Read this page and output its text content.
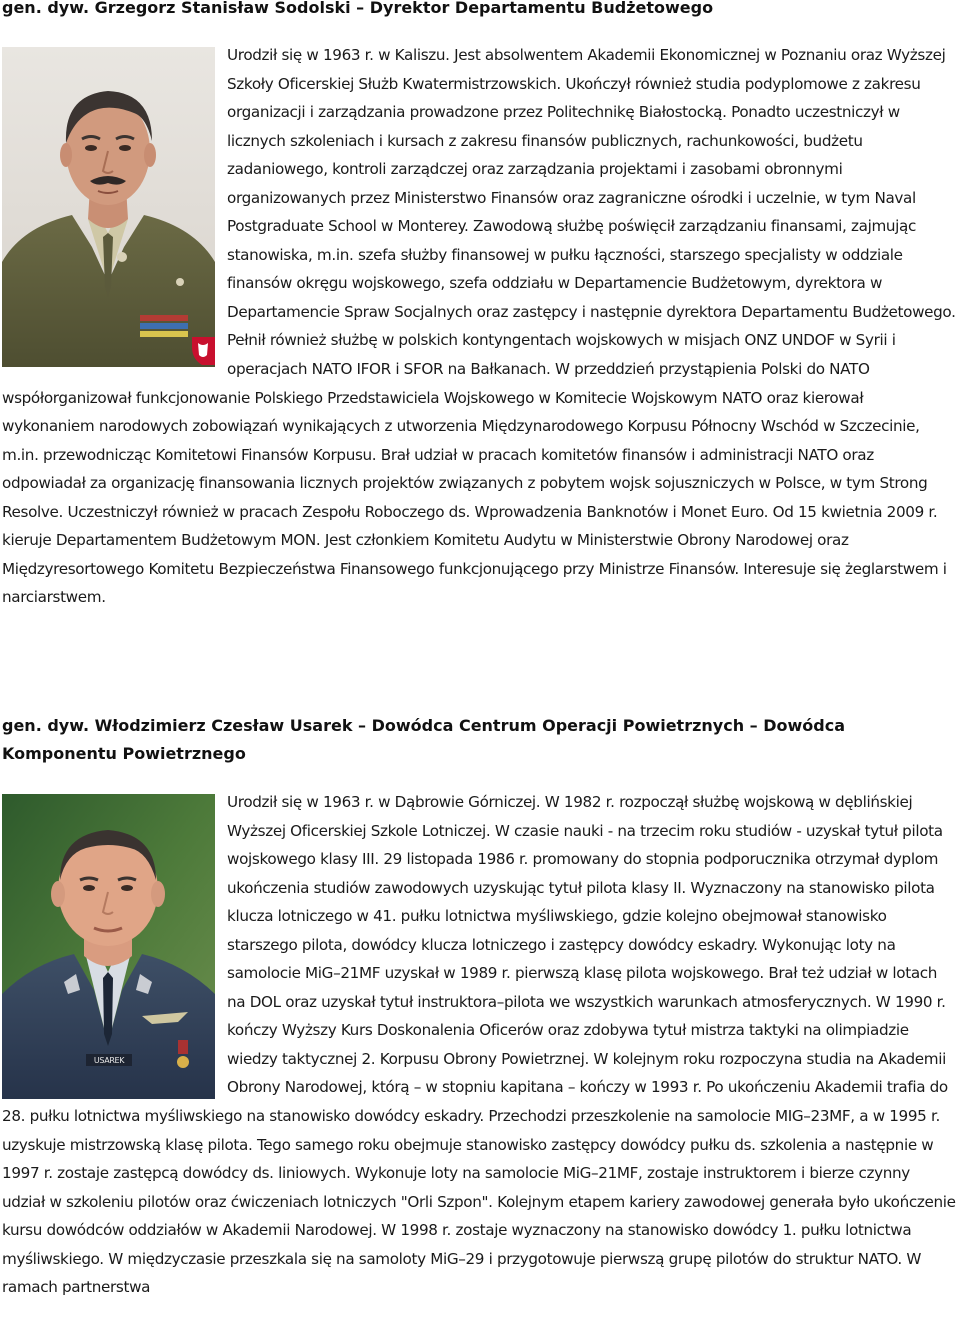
gen. dyw. Grzegorz Stanisław Sodolski – Dyrektor Departamentu Budżetowego
Urodził się w 1963 r. w Kaliszu. Jest absolwentem Akademii Ekonomicznej w Poznaniu oraz Wyższej Szkoły Oficerskiej Służb Kwatermistrzowskich. Ukończył również studia podyplomowe z zakresu organizacji i zarządzania prowadzone przez Politechnikę Białostocką. Ponadto uczestniczył w licznych szkoleniach i kursach z zakresu finansów publicznych, rachunkowości, budżetu zadaniowego, kontroli zarządczej oraz zarządzania projektami i zasobami obronnymi organizowanych przez Ministerstwo Finansów oraz zagraniczne ośrodki i uczelnie, w tym Naval Postgraduate School w Monterey. Zawodową służbę poświęcił zarządzaniu finansami, zajmując stanowiska, m.in. szefa służby finansowej w pułku łączności, starszego specjalisty w oddziale finansów okręgu wojskowego, szefa oddziału w Departamencie Budżetowym, dyrektora w Departamencie Spraw Socjalnych oraz zastępcy i następnie dyrektora Departamentu Budżetowego. Pełnił również służbę w polskich kontyngentach wojskowych w misjach ONZ UNDOF w Syrii i operacjach NATO IFOR i SFOR na Bałkanach. W przeddzień przystąpienia Polski do NATO współorganizował funkcjonowanie Polskiego Przedstawiciela Wojskowego w Komitecie Wojskowym NATO oraz kierował wykonaniem narodowych zobowiązań wynikających z utworzenia Międzynarodowego Korpusu Północny Wschód w Szczecinie, m.in. przewodnicząc Komitetowi Finansów Korpusu. Brał udział w pracach komitetów finansów i administracji NATO oraz odpowiadał za organizację finansowania licznych projektów związanych z pobytem wojsk sojuszniczych w Polsce, w tym Strong Resolve. Uczestniczył również w pracach Zespołu Roboczego ds. Wprowadzenia Banknotów i Monet Euro. Od 15 kwietnia 2009 r. kieruje Departamentem Budżetowym MON. Jest członkiem Komitetu Audytu w Ministerstwie Obrony Narodowej oraz Międzyresortowego Komitetu Bezpieczeństwa Finansowego funkcjonującego przy Ministrze Finansów. Interesuje się żeglarstwem i narciarstwem.
gen. dyw. Włodzimierz Czesław Usarek – Dowódca Centrum Operacji Powietrznych – Dowódca Komponentu Powietrznego
USAREK
Urodził się w 1963 r. w Dąbrowie Górniczej. W 1982 r. rozpoczął służbę wojskową w dęblińskiej Wyższej Oficerskiej Szkole Lotniczej. W czasie nauki - na trzecim roku studiów - uzyskał tytuł pilota wojskowego klasy III. 29 listopada 1986 r. promowany do stopnia podporucznika otrzymał dyplom ukończenia studiów zawodowych uzyskując tytuł pilota klasy II. Wyznaczony na stanowisko pilota klucza lotniczego w 41. pułku lotnictwa myśliwskiego, gdzie kolejno obejmował stanowisko starszego pilota, dowódcy klucza lotniczego i zastępcy dowódcy eskadry. Wykonując loty na samolocie MiG–21MF uzyskał w 1989 r. pierwszą klasę pilota wojskowego. Brał też udział w lotach na DOL oraz uzyskał tytuł instruktora–pilota we wszystkich warunkach atmosferycznych. W 1990 r. kończy Wyższy Kurs Doskonalenia Oficerów oraz zdobywa tytuł mistrza taktyki na olimpiadzie wiedzy taktycznej 2. Korpusu Obrony Powietrznej. W kolejnym roku rozpoczyna studia na Akademii Obrony Narodowej, którą – w stopniu kapitana – kończy w 1993 r. Po ukończeniu Akademii trafia do 28. pułku lotnictwa myśliwskiego na stanowisko dowódcy eskadry. Przechodzi przeszkolenie na samolocie MIG–23MF, a w 1995 r. uzyskuje mistrzowską klasę pilota. Tego samego roku obejmuje stanowisko zastępcy dowódcy pułku ds. szkolenia a następnie w 1997 r. zostaje zastępcą dowódcy ds. liniowych. Wykonuje loty na samolocie MiG–21MF, zostaje instruktorem i bierze czynny udział w szkoleniu pilotów oraz ćwiczeniach lotniczych "Orli Szpon". Kolejnym etapem kariery zawodowej generała było ukończenie kursu dowódców oddziałów w Akademii Narodowej. W 1998 r. zostaje wyznaczony na stanowisko dowódcy 1. pułku lotnictwa myśliwskiego. W międzyczasie przeszkala się na samoloty MiG–29 i przygotowuje pierwszą grupę pilotów do struktur NATO. W ramach partnerstwa
